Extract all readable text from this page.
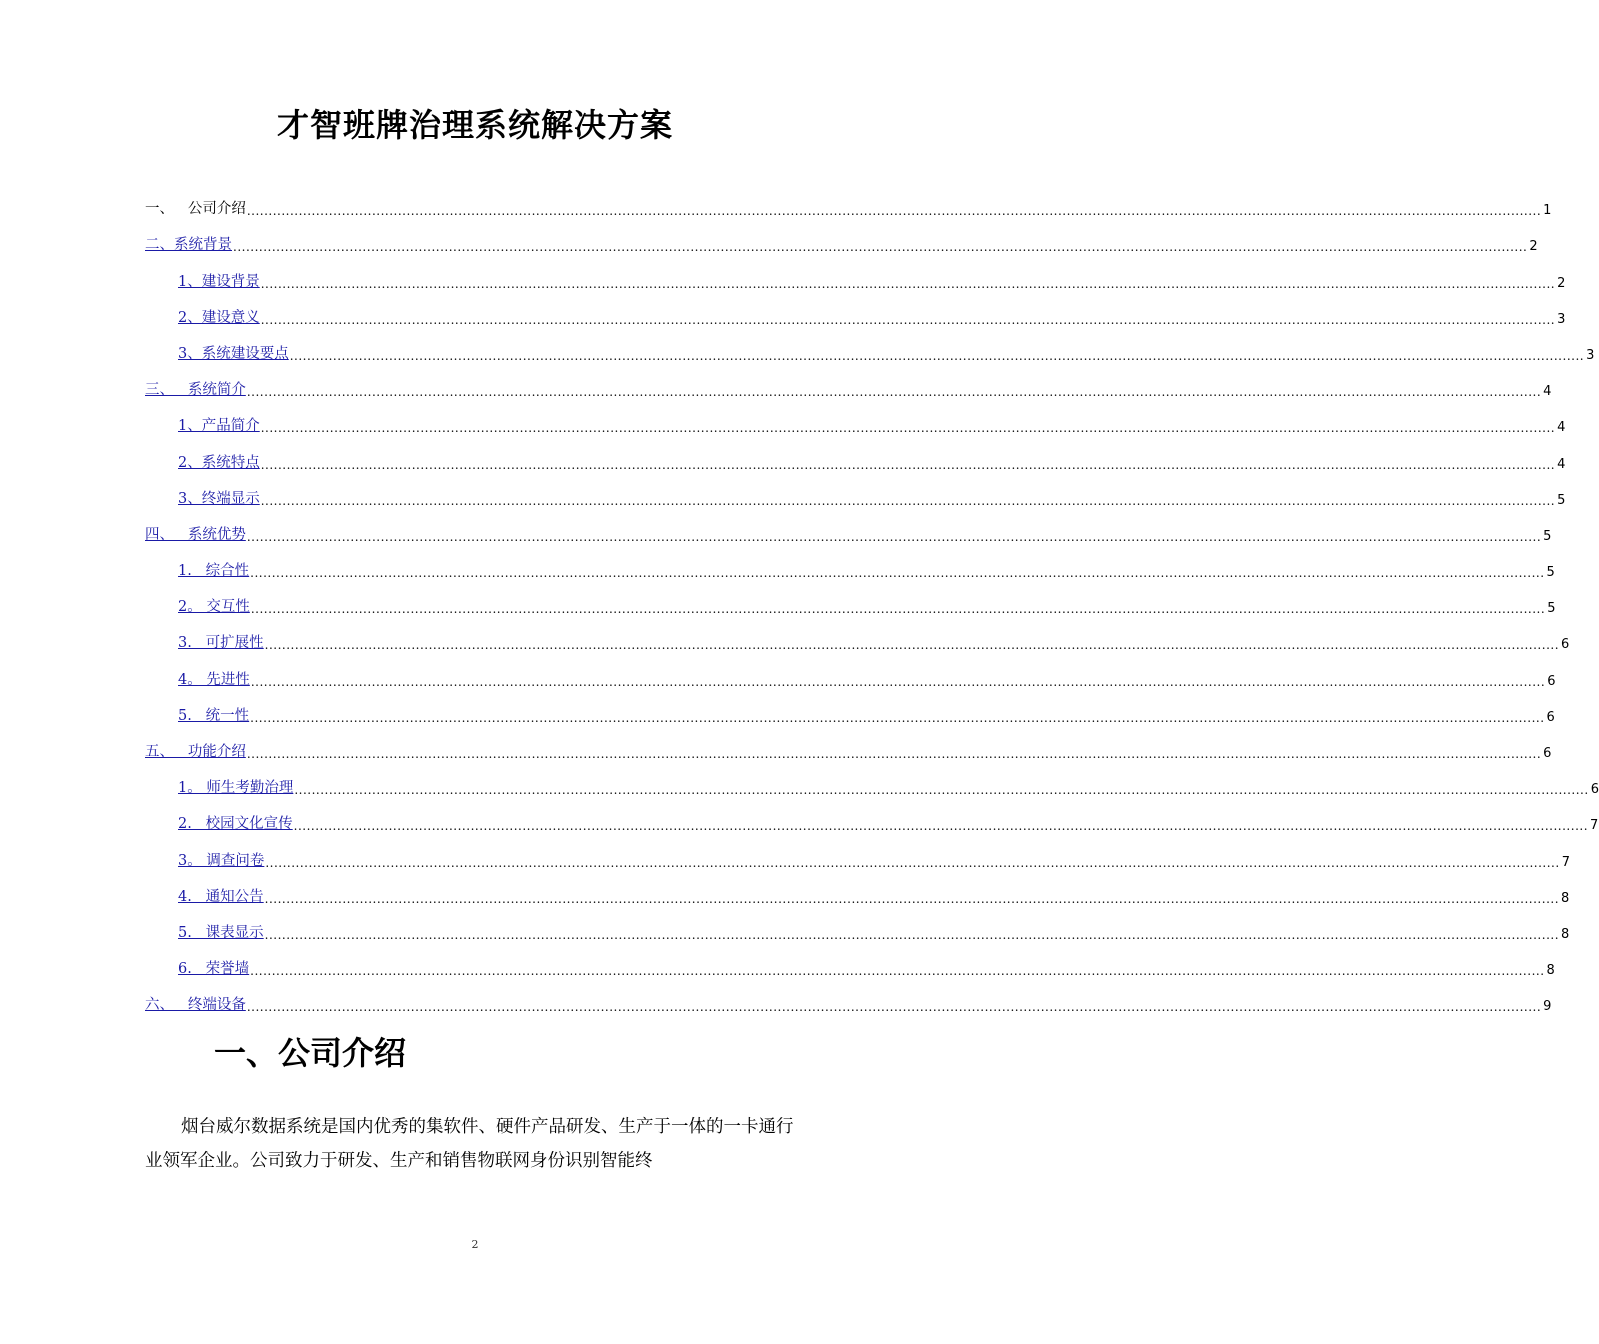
才智班牌治理系统解决方案
一、   公司介绍 ............................................................................................................................................................................................................................................................................................................ 1
二、系统背景 ............................................................................................................................................................................................................................................................................................................ 2
1、建设背景 ............................................................................................................................................................................................................................................................................................................ 2
2、建设意义 ............................................................................................................................................................................................................................................................................................................ 3
3、系统建设要点 ............................................................................................................................................................................................................................................................................................................ 3
三、   系统简介 ............................................................................................................................................................................................................................................................................................................ 4
1、产品简介 ............................................................................................................................................................................................................................................................................................................ 4
2、系统特点 ............................................................................................................................................................................................................................................................................................................ 4
3、终端显示 ............................................................................................................................................................................................................................................................................................................ 5
四、   系统优势 ............................................................................................................................................................................................................................................................................................................ 5
1.   综合性 ............................................................................................................................................................................................................................................................................................................ 5
2。 交互性 ............................................................................................................................................................................................................................................................................................................ 5
3.   可扩展性 ............................................................................................................................................................................................................................................................................................................ 6
4。 先进性 ............................................................................................................................................................................................................................................................................................................ 6
5.   统一性 ............................................................................................................................................................................................................................................................................................................ 6
五、   功能介绍 ............................................................................................................................................................................................................................................................................................................ 6
1。 师生考勤治理 ............................................................................................................................................................................................................................................................................................................ 6
2.   校园文化宣传 ............................................................................................................................................................................................................................................................................................................ 7
3。 调查问卷 ............................................................................................................................................................................................................................................................................................................ 7
4.   通知公告 ............................................................................................................................................................................................................................................................................................................ 8
5.   课表显示 ............................................................................................................................................................................................................................................................................................................ 8
6.   荣誉墙 ............................................................................................................................................................................................................................................................................................................ 8
六、   终端设备 ............................................................................................................................................................................................................................................................................................................ 9
一、公司介绍

烟台威尔数据系统是国内优秀的集软件、硬件产品研发、生产于一体的一卡通行业领军企业。公司致力于研发、生产和销售物联网身份识别智能终

2
